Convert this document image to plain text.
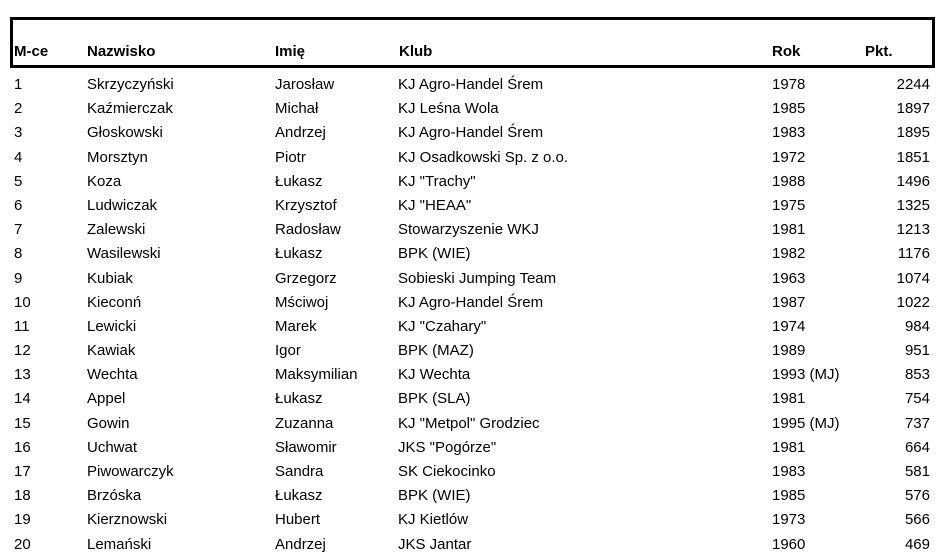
M-ce	Nazwisko	Imię	Klub	Rok	Pkt.
1	Skrzyczyński	Jarosław	KJ Agro-Handel Śrem	1978	2244
2	Kaźmierczak	Michał	KJ Leśna Wola	1985	1897
3	Głoskowski	Andrzej	KJ Agro-Handel Śrem	1983	1895
4	Morsztyn	Piotr	KJ Osadkowski Sp. z o.o.	1972	1851
5	Koza	Łukasz	KJ "Trachy"	1988	1496
6	Ludwiczak	Krzysztof	KJ "HEAA"	1975	1325
7	Zalewski	Radosław	Stowarzyszenie WKJ	1981	1213
8	Wasilewski	Łukasz	BPK (WIE)	1982	1176
9	Kubiak	Grzegorz	Sobieski Jumping Team	1963	1074
10	Kieconń	Mściwoj	KJ Agro-Handel Śrem	1987	1022
11	Lewicki	Marek	KJ "Czahary"	1974	984
12	Kawiak	Igor	BPK (MAZ)	1989	951
13	Wechta	Maksymilian	KJ Wechta	1993 (MJ)	853
14	Appel	Łukasz	BPK (SLA)	1981	754
15	Gowin	Zuzanna	KJ "Metpol" Grodziec	1995 (MJ)	737
16	Uchwat	Sławomir	JKS "Pogórze"	1981	664
17	Piwowarczyk	Sandra	SK Ciekocinko	1983	581
18	Brzóska	Łukasz	BPK (WIE)	1985	576
19	Kierznowski	Hubert	KJ Kietlów	1973	566
20	Lemański	Andrzej	JKS Jantar	1960	469
